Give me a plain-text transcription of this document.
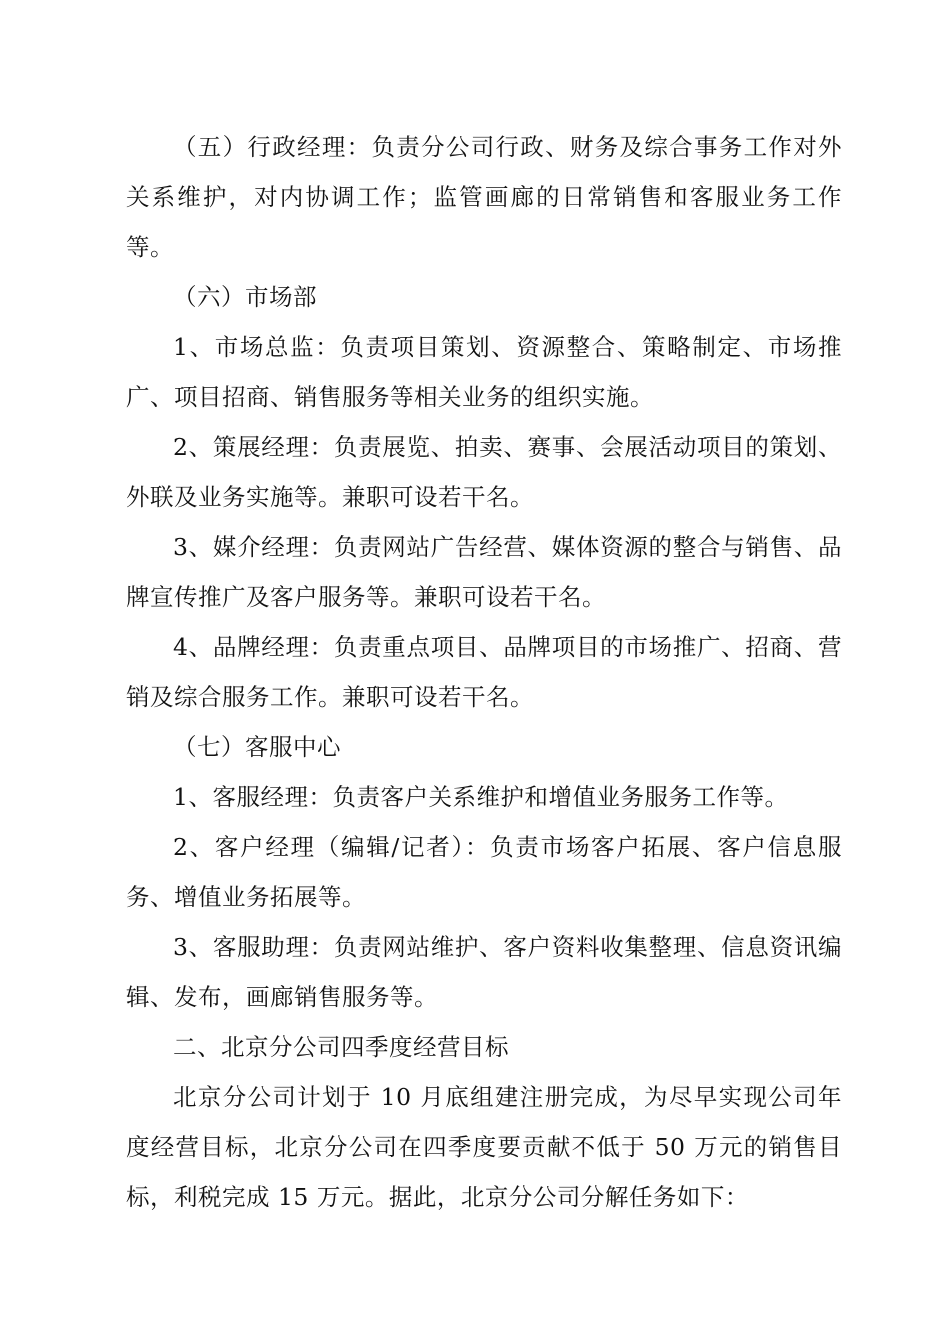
（五）行政经理：负责分公司行政、财务及综合事务工作对外关系维护，对内协调工作；监管画廊的日常销售和客服业务工作等。

（六）市场部

1、市场总监：负责项目策划、资源整合、策略制定、市场推广、项目招商、销售服务等相关业务的组织实施。

2、策展经理：负责展览、拍卖、赛事、会展活动项目的策划、外联及业务实施等。兼职可设若干名。

3、媒介经理：负责网站广告经营、媒体资源的整合与销售、品牌宣传推广及客户服务等。兼职可设若干名。

4、品牌经理：负责重点项目、品牌项目的市场推广、招商、营销及综合服务工作。兼职可设若干名。

（七）客服中心

1、客服经理：负责客户关系维护和增值业务服务工作等。

2、客户经理（编辑/记者）：负责市场客户拓展、客户信息服务、增值业务拓展等。

3、客服助理：负责网站维护、客户资料收集整理、信息资讯编辑、发布，画廊销售服务等。

二、北京分公司四季度经营目标

北京分公司计划于 10 月底组建注册完成，为尽早实现公司年度经营目标，北京分公司在四季度要贡献不低于 50 万元的销售目标，利税完成 15 万元。据此，北京分公司分解任务如下：
